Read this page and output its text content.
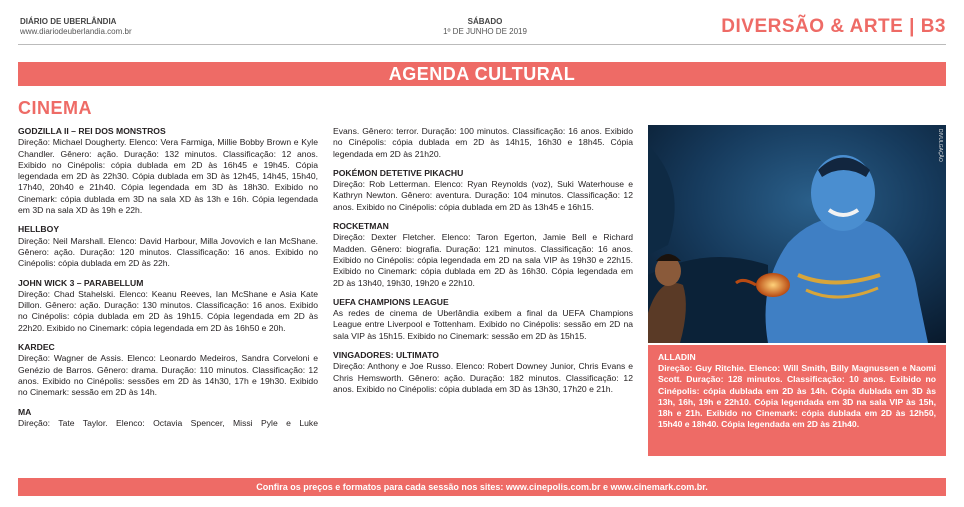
DIÁRIO DE UBERLÂNDIA
www.diariodeuberlandia.com.br
SÁBADO
1º DE JUNHO DE 2019	DIVERSÃO & ARTE | B3
AGENDA CULTURAL
CINEMA
GODZILLA II – REI DOS MONSTROS
Direção: Michael Dougherty. Elenco: Vera Farmiga, Millie Bobby Brown e Kyle Chandler. Gênero: ação. Duração: 132 minutos. Classificação: 12 anos. Exibido no Cinépolis: cópia dublada em 2D às 16h45 e 19h45. Cópia legendada em 2D às 22h30. Cópia dublada em 3D às 12h45, 14h45, 15h40, 17h40, 20h40 e 21h40. Cópia legendada em 3D às 18h30. Exibido no Cinemark: cópia dublada em 3D na sala XD às 13h e 16h. Cópia legendada em 3D na sala XD às 19h e 22h.
HELLBOY
Direção: Neil Marshall. Elenco: David Harbour, Milla Jovovich e Ian McShane. Gênero: ação. Duração: 120 minutos. Classificação: 16 anos. Exibido no Cinépolis: cópia dublada em 2D às 22h.
JOHN WICK 3 – PARABELLUM
Direção: Chad Stahelski. Elenco: Keanu Reeves, Ian McShane e Asia Kate Dillon. Gênero: ação. Duração: 130 minutos. Classificação: 16 anos. Exibido no Cinépolis: cópia dublada em 2D às 19h15. Cópia legendada em 2D às 22h20. Exibido no Cinemark: cópia legendada em 2D às 16h50 e 20h.
KARDEC
Direção: Wagner de Assis. Elenco: Leonardo Medeiros, Sandra Corveloni e Genézio de Barros. Gênero: drama. Duração: 110 minutos. Classificação: 12 anos. Exibido no Cinépolis: sessões em 2D às 14h30, 17h e 19h30. Exibido no Cinemark: sessão em 2D às 14h.
MA
Direção: Tate Taylor. Elenco: Octavia Spencer, Missi Pyle e Luke
Evans. Gênero: terror. Duração: 100 minutos. Classificação: 16 anos. Exibido no Cinépolis: cópia dublada em 2D às 14h15, 16h30 e 18h45. Cópia legendada em 2D às 21h20.
POKÉMON DETETIVE PIKACHU
Direção: Rob Letterman. Elenco: Ryan Reynolds (voz), Suki Waterhouse e Kathryn Newton. Gênero: aventura. Duração: 104 minutos. Classificação: 12 anos. Exibido no Cinépolis: cópia dublada em 2D às 13h45 e 16h15.
ROCKETMAN
Direção: Dexter Fletcher. Elenco: Taron Egerton, Jamie Bell e Richard Madden. Gênero: biografia. Duração: 121 minutos. Classificação: 16 anos. Exibido no Cinépolis: cópia legendada em 2D na sala VIP às 19h30 e 22h15. Exibido no Cinemark: cópia dublada em 2D às 16h30. Cópia legendada em 2D às 13h40, 19h30, 19h20 e 22h10.
UEFA CHAMPIONS LEAGUE
As redes de cinema de Uberlândia exibem a final da UEFA Champions League entre Liverpool e Tottenham. Exibido no Cinépolis: sessão em 2D na sala VIP às 15h15. Exibido no Cinemark: sessão em 2D às 15h15.
VINGADORES: ULTIMATO
Direção: Anthony e Joe Russo. Elenco: Robert Downey Junior, Chris Evans e Chris Hemsworth. Gênero: ação. Duração: 182 minutos. Classificação: 12 anos. Exibido no Cinépolis: cópia dublada em 3D às 13h30, 17h20 e 21h.
DIVULGAÇÃO
ALLADIN
Direção: Guy Ritchie. Elenco: Will Smith, Billy Magnussen e Naomi Scott. Duração: 128 minutos. Classificação: 10 anos. Exibido no Cinépolis: cópia dublada em 2D às 14h. Cópia dublada em 3D às 13h, 16h, 19h e 22h10. Cópia legendada em 3D na sala VIP às 15h, 18h e 21h. Exibido no Cinemark: cópia dublada em 2D às 12h50, 15h40 e 18h40. Cópia legendada em 2D às 21h40.
Confira os preços e formatos para cada sessão nos sites: www.cinepolis.com.br e www.cinemark.com.br.
